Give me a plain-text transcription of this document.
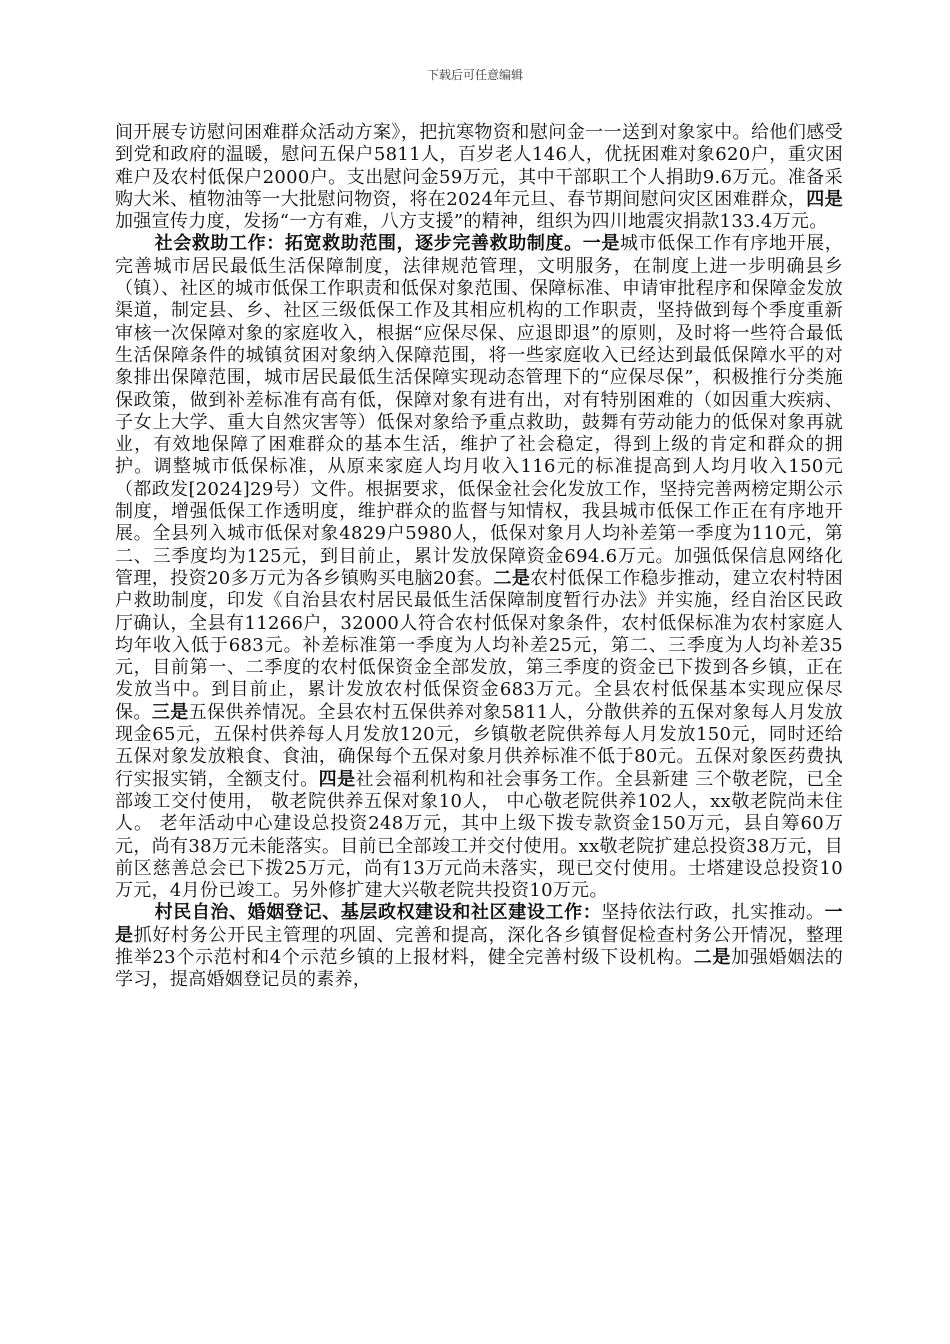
下载后可任意编辑

间开展专访慰问困难群众活动方案》，把抗寒物资和慰问金一一送到对象家中。给他们感受到党和政府的温暖，慰问五保户5811人，百岁老人146人，优抚困难对象620户，重灾困难户及农村低保户2000户。支出慰问金59万元，其中干部职工个人捐助9.6万元。准备采购大米、植物油等一大批慰问物资，将在2024年元旦、春节期间慰问灾区困难群众，四是加强宣传力度，发扬“一方有难，八方支援”的精神，组织为四川地震灾捐款133.4万元。

社会救助工作：拓宽救助范围，逐步完善救助制度。一是城市低保工作有序地开展，完善城市居民最低生活保障制度，法律规范管理，文明服务，在制度上进一步明确县乡（镇）、社区的城市低保工作职责和低保对象范围、保障标准、申请审批程序和保障金发放渠道，制定县、乡、社区三级低保工作及其相应机构的工作职责，坚持做到每个季度重新审核一次保障对象的家庭收入，根据“应保尽保、应退即退”的原则，及时将一些符合最低生活保障条件的城镇贫困对象纳入保障范围，将一些家庭收入已经达到最低保障水平的对象排出保障范围，城市居民最低生活保障实现动态管理下的“应保尽保”，积极推行分类施保政策，做到补差标准有高有低，保障对象有进有出，对有特别困难的（如因重大疾病、子女上大学、重大自然灾害等）低保对象给予重点救助，鼓舞有劳动能力的低保对象再就业，有效地保障了困难群众的基本生活，维护了社会稳定，得到上级的肯定和群众的拥护。调整城市低保标准，从原来家庭人均月收入116元的标准提高到人均月收入150元（都政发[2024]29号）文件。根据要求，低保金社会化发放工作，坚持完善两榜定期公示制度，增强低保工作透明度，维护群众的监督与知情权，我县城市低保工作正在有序地开展。全县列入城市低保对象4829户5980人，低保对象月人均补差第一季度为110元，第二、三季度均为125元，到目前止，累计发放保障资金694.6万元。加强低保信息网络化管理，投资20多万元为各乡镇购买电脑20套。二是农村低保工作稳步推动，建立农村特困户救助制度，印发《自治县农村居民最低生活保障制度暂行办法》并实施，经自治区民政厅确认，全县有11266户，32000人符合农村低保对象条件，农村低保标准为农村家庭人均年收入低于683元。补差标准第一季度为人均补差25元，第二、三季度为人均补差35元，目前第一、二季度的农村低保资金全部发放，第三季度的资金已下拨到各乡镇，正在发放当中。到目前止，累计发放农村低保资金683万元。全县农村低保基本实现应保尽保。三是五保供养情况。全县农村五保供养对象5811人，分散供养的五保对象每人月发放现金65元，五保村供养每人月发放120元，乡镇敬老院供养每人月发放150元，同时还给五保对象发放粮食、食油，确保每个五保对象月供养标准不低于80元。五保对象医药费执行实报实销，全额支付。四是社会福利机构和社会事务工作。全县新建 三个敬老院，已全部竣工交付使用， 敬老院供养五保对象10人， 中心敬老院供养102人，xx敬老院尚未住人。 老年活动中心建设总投资248万元，其中上级下拨专款资金150万元，县自筹60万元，尚有38万元未能落实。目前已全部竣工并交付使用。xx敬老院扩建总投资38万元，目前区慈善总会已下拨25万元，尚有13万元尚未落实，现已交付使用。士塔建设总投资10万元，4月份已竣工。另外修扩建大兴敬老院共投资10万元。

村民自治、婚姻登记、基层政权建设和社区建设工作：坚持依法行政，扎实推动。一是抓好村务公开民主管理的巩固、完善和提高，深化各乡镇督促检查村务公开情况，整理推举23个示范村和4个示范乡镇的上报材料，健全完善村级下设机构。二是加强婚姻法的学习，提高婚姻登记员的素养，
